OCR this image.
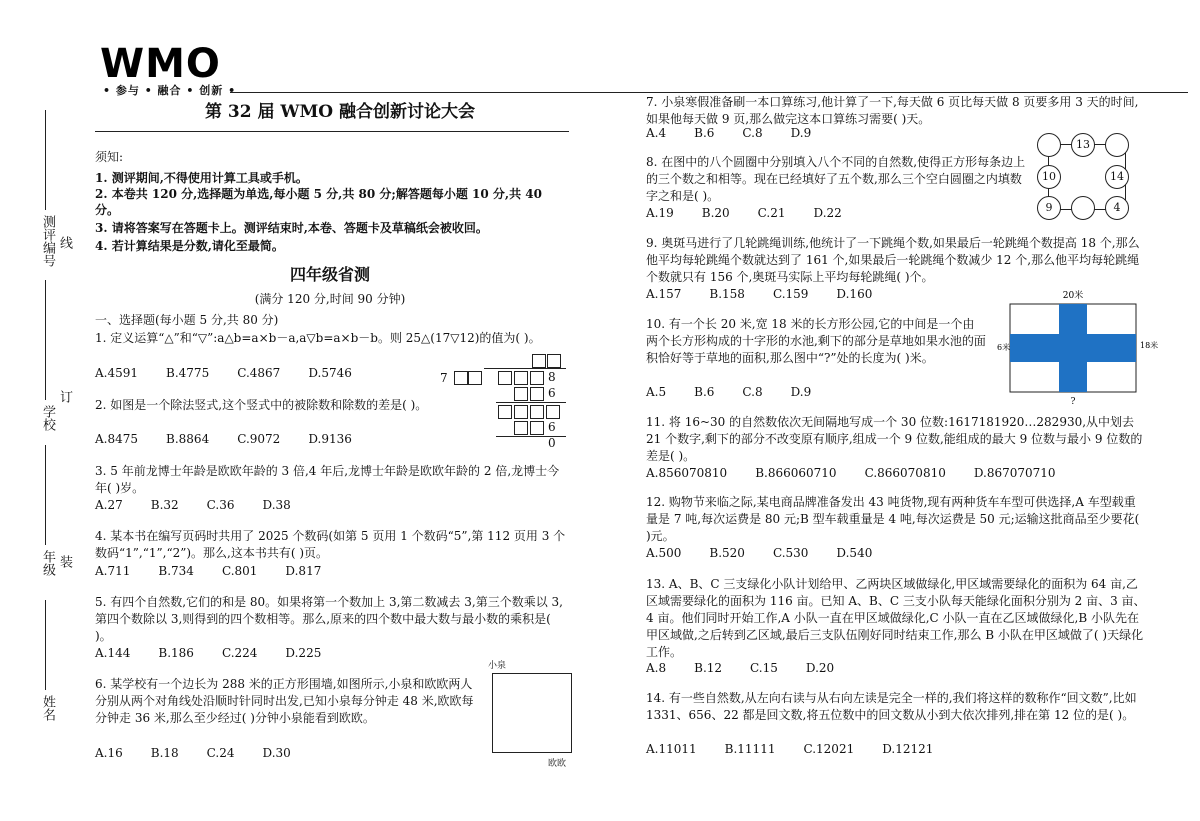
WMO
• 参与 • 融合 • 创新 •
第 32 届 WMO 融合创新讨论大会
测评编号 线
学校
订
年级 装
姓名
须知:
1. 测评期间,不得使用计算工具或手机。
2. 本卷共 120 分,选择题为单选,每小题 5 分,共 80 分;解答题每小题 10 分,共 40 分。
3. 请将答案写在答题卡上。测评结束时,本卷、答题卡及草稿纸会被收回。
4. 若计算结果是分数,请化至最简。
四年级省测
(满分 120 分,时间 90 分钟)
一、选择题(每小题 5 分,共 80 分)
1. 定义运算“△”和“▽”:a△b=a×b－a,a▽b=a×b－b。则 25△(17▽12)的值为( )。
A.4591 B.4775 C.4867 D.5746
2. 如图是一个除法竖式,这个竖式中的被除数和除数的差是( )。
A.8475 B.8864 C.9072 D.9136
7	8
6
6
0
3. 5 年前龙博士年龄是欧欧年龄的 3 倍,4 年后,龙博士年龄是欧欧年龄的 2 倍,龙博士今年( )岁。
A.27 B.32 C.36 D.38
4. 某本书在编写页码时共用了 2025 个数码(如第 5 页用 1 个数码“5”,第 112 页用 3 个数码“1”,“1”,“2”)。那么,这本书共有( )页。
A.711 B.734 C.801 D.817
5. 有四个自然数,它们的和是 80。如果将第一个数加上 3,第二数减去 3,第三个数乘以 3,第四个数除以 3,则得到的四个数相等。那么,原来的四个数中最大数与最小数的乘积是( )。
A.144 B.186 C.224 D.225
6. 某学校有一个边长为 288 米的正方形围墙,如图所示,小泉和欧欧两人分别从两个对角线处沿顺时针同时出发,已知小泉每分钟走 48 米,欧欧每分钟走 36 米,那么至少经过( )分钟小泉能看到欧欧。
A.16 B.18 C.24 D.30
小泉
欧欧
7. 小泉寒假准备刷一本口算练习,他计算了一下,每天做 6 页比每天做 8 页要多用 3 天的时间,如果他每天做 9 页,那么做完这本口算练习需要( )天。
A.4 B.6 C.8 D.9
8. 在图中的八个圆圈中分别填入八个不同的自然数,使得正方形每条边上的三个数之和相等。现在已经填好了五个数,那么三个空白圆圈之内填数字之和是( )。
A.19 B.20 C.21 D.22
13
10	14
9	4
9. 奥斑马进行了几轮跳绳训练,他统计了一下跳绳个数,如果最后一轮跳绳个数提高 18 个,那么他平均每轮跳绳个数就达到了 161 个,如果最后一轮跳绳个数减少 12 个,那么他平均每轮跳绳个数就只有 156 个,奥斑马实际上平均每轮跳绳( )个。
A.157 B.158 C.159 D.160
10. 有一个长 20 米,宽 18 米的长方形公园,它的中间是一个由两个长方形构成的十字形的水池,剩下的部分是草地如果水池的面积恰好等于草地的面积,那么图中“?”处的长度为( )米。
A.5 B.6 C.8 D.9
20米
6米	18米
?
11. 将 16~30 的自然数依次无间隔地写成一个 30 位数:1617181920…282930,从中划去 21 个数字,剩下的部分不改变原有顺序,组成一个 9 位数,能组成的最大 9 位数与最小 9 位数的差是( )。
A.856070810 B.866060710 C.866070810 D.867070710
12. 购物节来临之际,某电商品牌准备发出 43 吨货物,现有两种货车车型可供选择,A 车型载重量是 7 吨,每次运费是 80 元;B 型车载重量是 4 吨,每次运费是 50 元;运输这批商品至少要花( )元。
A.500 B.520 C.530 D.540
13. A、B、C 三支绿化小队计划给甲、乙两块区域做绿化,甲区域需要绿化的面积为 64 亩,乙区域需要绿化的面积为 116 亩。已知 A、B、C 三支小队每天能绿化面积分别为 2 亩、3 亩、4 亩。他们同时开始工作,A 小队一直在甲区域做绿化,C 小队一直在乙区域做绿化,B 小队先在甲区域做,之后转到乙区域,最后三支队伍刚好同时结束工作,那么 B 小队在甲区域做了( )天绿化工作。
A.8 B.12 C.15 D.20
14. 有一些自然数,从左向右读与从右向左读是完全一样的,我们将这样的数称作“回文数”,比如 1331、656、22 都是回文数,将五位数中的回文数从小到大依次排列,排在第 12 位的是( )。
A.11011 B.11111 C.12021 D.12121
